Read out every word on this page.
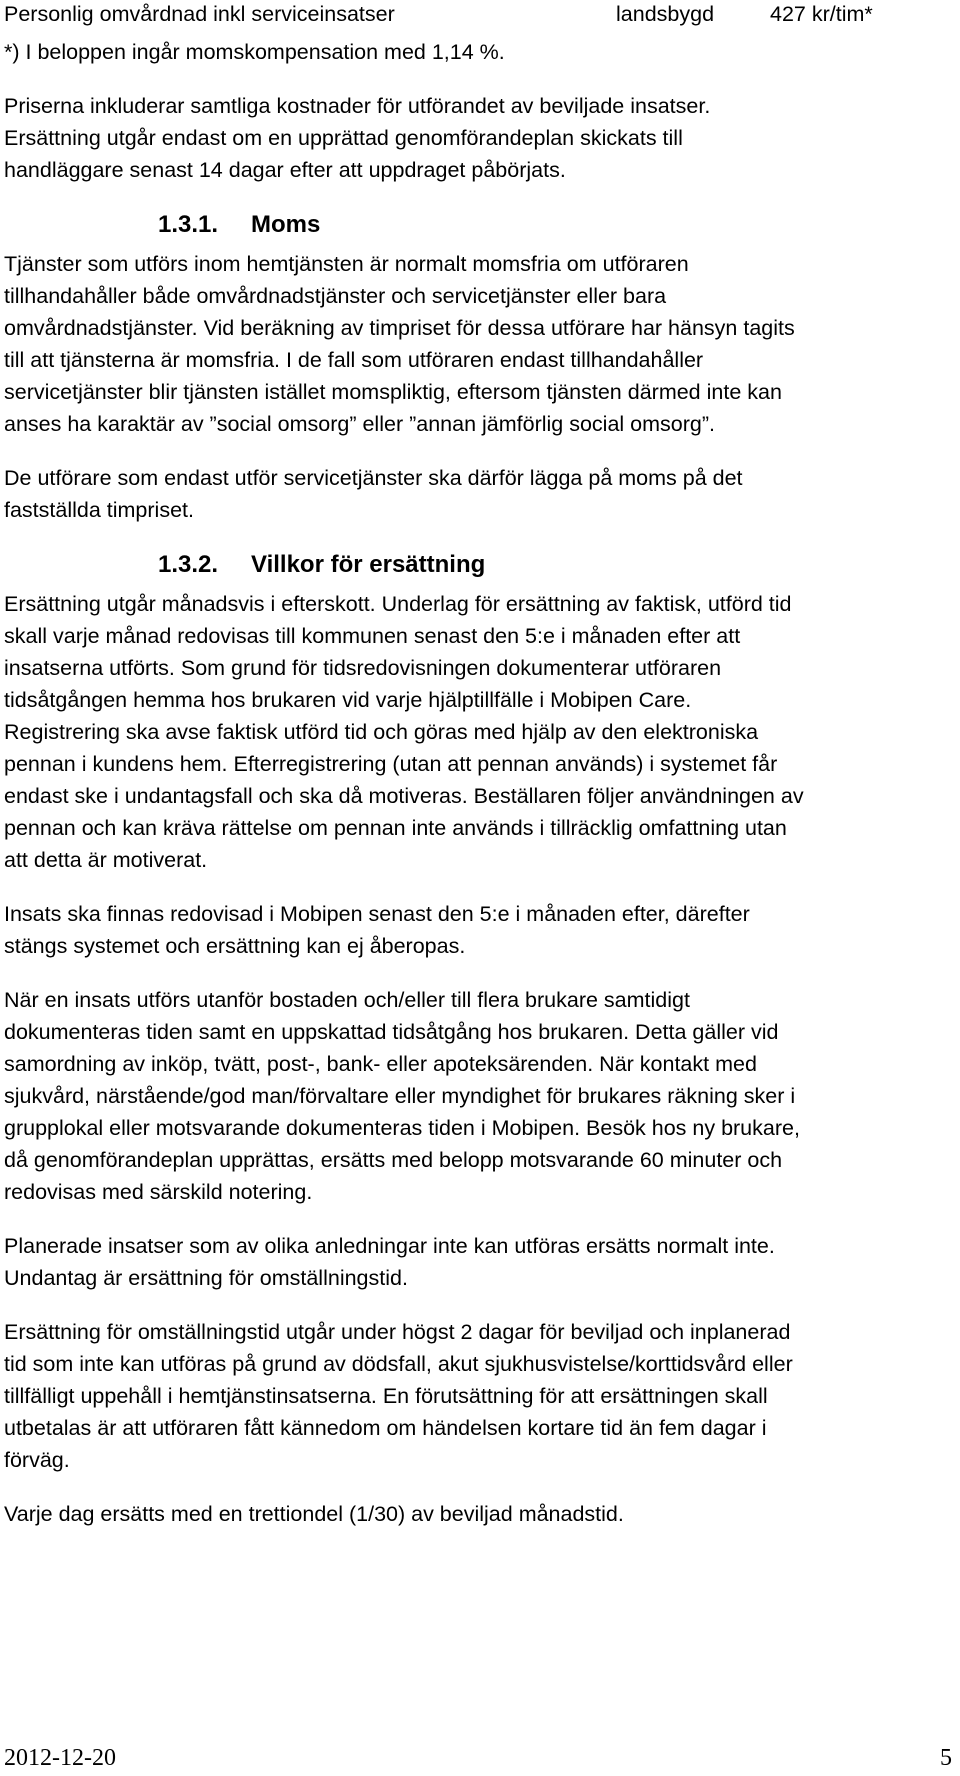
Personlig omvårdnad inkl serviceinsatser	landsbygd	427 kr/tim*
*) I beloppen ingår momskompensation med 1,14 %.
Priserna inkluderar samtliga kostnader för utförandet av beviljade insatser.
Ersättning utgår endast om en upprättad genomförandeplan skickats till
handläggare senast 14 dagar efter att uppdraget påbörjats.
1.3.1. Moms
Tjänster som utförs inom hemtjänsten är normalt momsfria om utföraren
tillhandahåller både omvårdnadstjänster och servicetjänster eller bara
omvårdnadstjänster. Vid beräkning av timpriset för dessa utförare har hänsyn tagits
till att tjänsterna är momsfria. I de fall som utföraren endast tillhandahåller
servicetjänster blir tjänsten istället momspliktig, eftersom tjänsten därmed inte kan
anses ha karaktär av ”social omsorg” eller ”annan jämförlig social omsorg”.
De utförare som endast utför servicetjänster ska därför lägga på moms på det
fastställda timpriset.
1.3.2. Villkor för ersättning
Ersättning utgår månadsvis i efterskott. Underlag för ersättning av faktisk, utförd tid
skall varje månad redovisas till kommunen senast den 5:e i månaden efter att
insatserna utförts. Som grund för tidsredovisningen dokumenterar utföraren
tidsåtgången hemma hos brukaren vid varje hjälptillfälle i Mobipen Care.
Registrering ska avse faktisk utförd tid och göras med hjälp av den elektroniska
pennan i kundens hem. Efterregistrering (utan att pennan används) i systemet får
endast ske i undantagsfall och ska då motiveras. Beställaren följer användningen av
pennan och kan kräva rättelse om pennan inte används i tillräcklig omfattning utan
att detta är motiverat.
Insats ska finnas redovisad i Mobipen senast den 5:e i månaden efter, därefter
stängs systemet och ersättning kan ej åberopas.
När en insats utförs utanför bostaden och/eller till flera brukare samtidigt
dokumenteras tiden samt en uppskattad tidsåtgång hos brukaren. Detta gäller vid
samordning av inköp, tvätt, post-, bank- eller apoteksärenden. När kontakt med
sjukvård, närstående/god man/förvaltare eller myndighet för brukares räkning sker i
grupplokal eller motsvarande dokumenteras tiden i Mobipen. Besök hos ny brukare,
då genomförandeplan upprättas, ersätts med belopp motsvarande 60 minuter och
redovisas med särskild notering.
Planerade insatser som av olika anledningar inte kan utföras ersätts normalt inte.
Undantag är ersättning för omställningstid.
Ersättning för omställningstid utgår under högst 2 dagar för beviljad och inplanerad
tid som inte kan utföras på grund av dödsfall, akut sjukhusvistelse/korttidsvård eller
tillfälligt uppehåll i hemtjänstinsatserna. En förutsättning för att ersättningen skall
utbetalas är att utföraren fått kännedom om händelsen kortare tid än fem dagar i
förväg.
Varje dag ersätts med en trettiondel (1/30) av beviljad månadstid.
2012-12-20	5
